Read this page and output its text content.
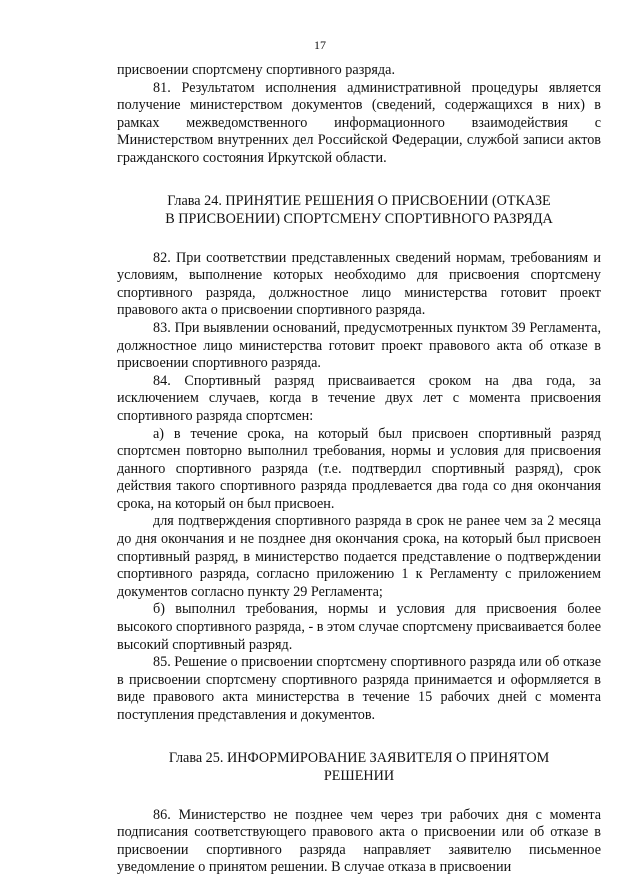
17

присвоении спортсмену спортивного разряда.

81. Результатом исполнения административной процедуры является получение министерством документов (сведений, содержащихся в них) в рамках межведомственного информационного взаимодействия с Министерством внутренних дел Российской Федерации, службой записи актов гражданского состояния Иркутской области.

Глава 24. ПРИНЯТИЕ РЕШЕНИЯ О ПРИСВОЕНИИ (ОТКАЗЕ
В ПРИСВОЕНИИ) СПОРТСМЕНУ СПОРТИВНОГО РАЗРЯДА

82. При соответствии представленных сведений нормам, требованиям и условиям, выполнение которых необходимо для присвоения спортсмену спортивного разряда, должностное лицо министерства готовит проект правового акта о присвоении спортивного разряда.

83. При выявлении оснований, предусмотренных пунктом 39 Регламента, должностное лицо министерства готовит проект правового акта об отказе в присвоении спортивного разряда.

84. Спортивный разряд присваивается сроком на два года, за исключением случаев, когда в течение двух лет с момента присвоения спортивного разряда спортсмен:

а) в течение срока, на который был присвоен спортивный разряд спортсмен повторно выполнил требования, нормы и условия для присвоения данного спортивного разряда (т.е. подтвердил спортивный разряд), срок действия такого спортивного разряда продлевается два года со дня окончания срока, на который он был присвоен.

для подтверждения спортивного разряда в срок не ранее чем за 2 месяца до дня окончания и не позднее дня окончания срока, на который был присвоен спортивный разряд, в министерство подается представление о подтверждении спортивного разряда, согласно приложению 1 к Регламенту с приложением документов согласно пункту 29 Регламента;

б) выполнил требования, нормы и условия для присвоения более высокого спортивного разряда, - в этом случае спортсмену присваивается более высокий спортивный разряд.

85. Решение о присвоении спортсмену спортивного разряда или об отказе в присвоении спортсмену спортивного разряда принимается и оформляется в виде правового акта министерства в течение 15 рабочих дней с момента поступления представления и документов.

Глава 25. ИНФОРМИРОВАНИЕ ЗАЯВИТЕЛЯ О ПРИНЯТОМ
РЕШЕНИИ

86. Министерство не позднее чем через три рабочих дня с момента подписания соответствующего правового акта о присвоении или об отказе в присвоении спортивного разряда направляет заявителю письменное уведомление о принятом решении. В случае отказа в присвоении
